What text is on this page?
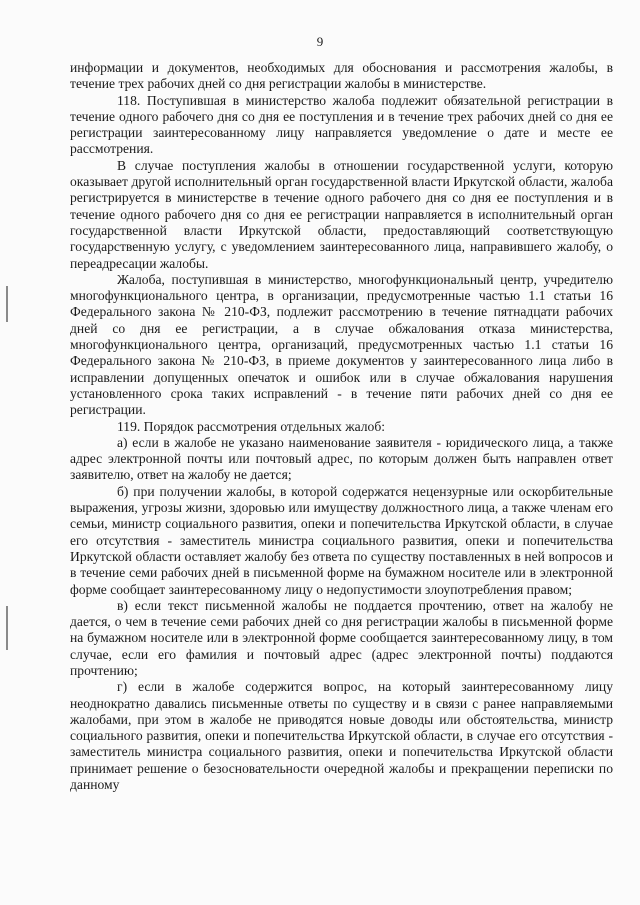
9

информации и документов, необходимых для обоснования и рассмотрения жалобы, в течение трех рабочих дней со дня регистрации жалобы в министерстве.

118. Поступившая в министерство жалоба подлежит обязательной регистрации в течение одного рабочего дня со дня ее поступления и в течение трех рабочих дней со дня ее регистрации заинтересованному лицу направляется уведомление о дате и месте ее рассмотрения.

В случае поступления жалобы в отношении государственной услуги, которую оказывает другой исполнительный орган государственной власти Иркутской области, жалоба регистрируется в министерстве в течение одного рабочего дня со дня ее поступления и в течение одного рабочего дня со дня ее регистрации направляется в исполнительный орган государственной власти Иркутской области, предоставляющий соответствующую государственную услугу, с уведомлением заинтересованного лица, направившего жалобу, о переадресации жалобы.

Жалоба, поступившая в министерство, многофункциональный центр, учредителю многофункционального центра, в организации, предусмотренные частью 1.1 статьи 16 Федерального закона № 210-ФЗ, подлежит рассмотрению в течение пятнадцати рабочих дней со дня ее регистрации, а в случае обжалования отказа министерства, многофункционального центра, организаций, предусмотренных частью 1.1 статьи 16 Федерального закона № 210-ФЗ, в приеме документов у заинтересованного лица либо в исправлении допущенных опечаток и ошибок или в случае обжалования нарушения установленного срока таких исправлений - в течение пяти рабочих дней со дня ее регистрации.

119. Порядок рассмотрения отдельных жалоб:

а) если в жалобе не указано наименование заявителя - юридического лица, а также адрес электронной почты или почтовый адрес, по которым должен быть направлен ответ заявителю, ответ на жалобу не дается;

б) при получении жалобы, в которой содержатся нецензурные или оскорбительные выражения, угрозы жизни, здоровью или имуществу должностного лица, а также членам его семьи, министр социального развития, опеки и попечительства Иркутской области, в случае его отсутствия - заместитель министра социального развития, опеки и попечительства Иркутской области оставляет жалобу без ответа по существу поставленных в ней вопросов и в течение семи рабочих дней в письменной форме на бумажном носителе или в электронной форме сообщает заинтересованному лицу о недопустимости злоупотребления правом;

в) если текст письменной жалобы не поддается прочтению, ответ на жалобу не дается, о чем в течение семи рабочих дней со дня регистрации жалобы в письменной форме на бумажном носителе или в электронной форме сообщается заинтересованному лицу, в том случае, если его фамилия и почтовый адрес (адрес электронной почты) поддаются прочтению;

г) если в жалобе содержится вопрос, на который заинтересованному лицу неоднократно давались письменные ответы по существу и в связи с ранее направляемыми жалобами, при этом в жалобе не приводятся новые доводы или обстоятельства, министр социального развития, опеки и попечительства Иркутской области, в случае его отсутствия - заместитель министра социального развития, опеки и попечительства Иркутской области принимает решение о безосновательности очередной жалобы и прекращении переписки по данному
